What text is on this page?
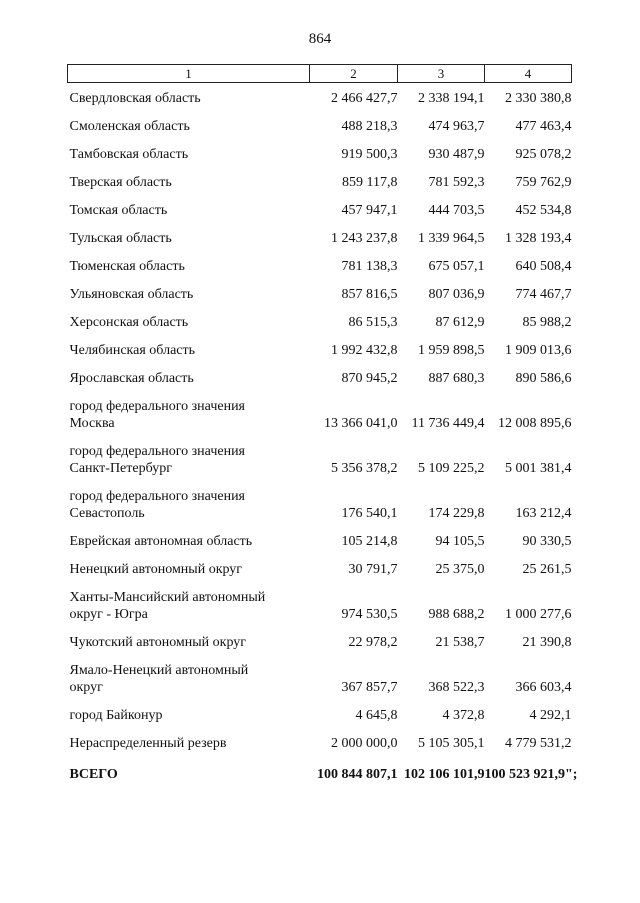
864
1	2	3	4
Свердловская область	2 466 427,7	2 338 194,1	2 330 380,8
Смоленская область	488 218,3	474 963,7	477 463,4
Тамбовская область	919 500,3	930 487,9	925 078,2
Тверская область	859 117,8	781 592,3	759 762,9
Томская область	457 947,1	444 703,5	452 534,8
Тульская область	1 243 237,8	1 339 964,5	1 328 193,4
Тюменская область	781 138,3	675 057,1	640 508,4
Ульяновская область	857 816,5	807 036,9	774 467,7
Херсонская область	86 515,3	87 612,9	85 988,2
Челябинская область	1 992 432,8	1 959 898,5	1 909 013,6
Ярославская область	870 945,2	887 680,3	890 586,6
город федерального значения
Москва	13 366 041,0	11 736 449,4	12 008 895,6
город федерального значения
Санкт-Петербург	5 356 378,2	5 109 225,2	5 001 381,4
город федерального значения
Севастополь	176 540,1	174 229,8	163 212,4
Еврейская автономная область	105 214,8	94 105,5	90 330,5
Ненецкий автономный округ	30 791,7	25 375,0	25 261,5
Ханты-Мансийский автономный
округ - Югра	974 530,5	988 688,2	1 000 277,6
Чукотский автономный округ	22 978,2	21 538,7	21 390,8
Ямало-Ненецкий автономный
округ	367 857,7	368 522,3	366 603,4
город Байконур	4 645,8	4 372,8	4 292,1
Нераспределенный резерв	2 000 000,0	5 105 305,1	4 779 531,2
ВСЕГО	100 844 807,1	102 106 101,9	100 523 921,9";
